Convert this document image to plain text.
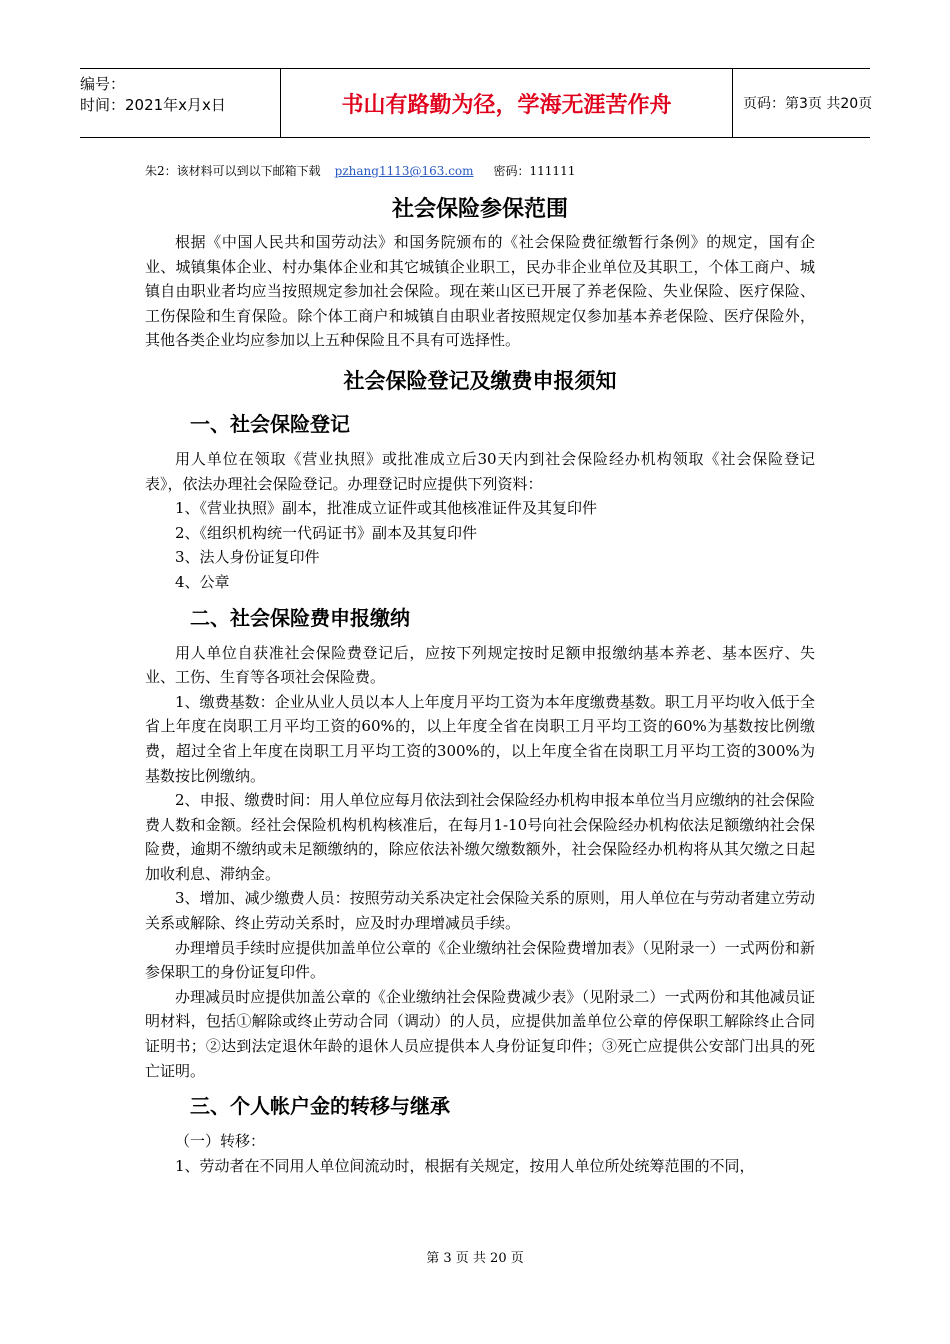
编号：
时间：2021年x月x日	书山有路勤为径，学海无涯苦作舟	页码：第3页 共20页
朱2：该材料可以到以下邮箱下载 pzhang1113@163.com 密码：111111
社会保险参保范围

根据《中国人民共和国劳动法》和国务院颁布的《社会保险费征缴暂行条例》的规定，国有企业、城镇集体企业、村办集体企业和其它城镇企业职工，民办非企业单位及其职工，个体工商户、城镇自由职业者均应当按照规定参加社会保险。现在莱山区已开展了养老保险、失业保险、医疗保险、工伤保险和生育保险。除个体工商户和城镇自由职业者按照规定仅参加基本养老保险、医疗保险外，其他各类企业均应参加以上五种保险且不具有可选择性。

社会保险登记及缴费申报须知
一、社会保险登记

用人单位在领取《营业执照》或批准成立后30天内到社会保险经办机构领取《社会保险登记表》，依法办理社会保险登记。办理登记时应提供下列资料：

1、《营业执照》副本，批准成立证件或其他核准证件及其复印件

2、《组织机构统一代码证书》副本及其复印件

3、法人身份证复印件

4、公章

二、社会保险费申报缴纳

用人单位自获准社会保险费登记后，应按下列规定按时足额申报缴纳基本养老、基本医疗、失业、工伤、生育等各项社会保险费。

1、缴费基数：企业从业人员以本人上年度月平均工资为本年度缴费基数。职工月平均收入低于全省上年度在岗职工月平均工资的60%的，以上年度全省在岗职工月平均工资的60%为基数按比例缴费，超过全省上年度在岗职工月平均工资的300%的，以上年度全省在岗职工月平均工资的300%为基数按比例缴纳。

2、申报、缴费时间：用人单位应每月依法到社会保险经办机构申报本单位当月应缴纳的社会保险费人数和金额。经社会保险机构机构核准后，在每月1-10号向社会保险经办机构依法足额缴纳社会保险费，逾期不缴纳或未足额缴纳的，除应依法补缴欠缴数额外，社会保险经办机构将从其欠缴之日起加收利息、滞纳金。

3、增加、减少缴费人员：按照劳动关系决定社会保险关系的原则，用人单位在与劳动者建立劳动关系或解除、终止劳动关系时，应及时办理增减员手续。

办理增员手续时应提供加盖单位公章的《企业缴纳社会保险费增加表》（见附录一）一式两份和新参保职工的身份证复印件。

办理减员时应提供加盖公章的《企业缴纳社会保险费减少表》（见附录二）一式两份和其他减员证明材料，包括①解除或终止劳动合同（调动）的人员，应提供加盖单位公章的停保职工解除终止合同证明书；②达到法定退休年龄的退休人员应提供本人身份证复印件；③死亡应提供公安部门出具的死亡证明。

三、个人帐户金的转移与继承

（一）转移：

1、劳动者在不同用人单位间流动时，根据有关规定，按用人单位所处统筹范围的不同，

第 3 页 共 20 页
